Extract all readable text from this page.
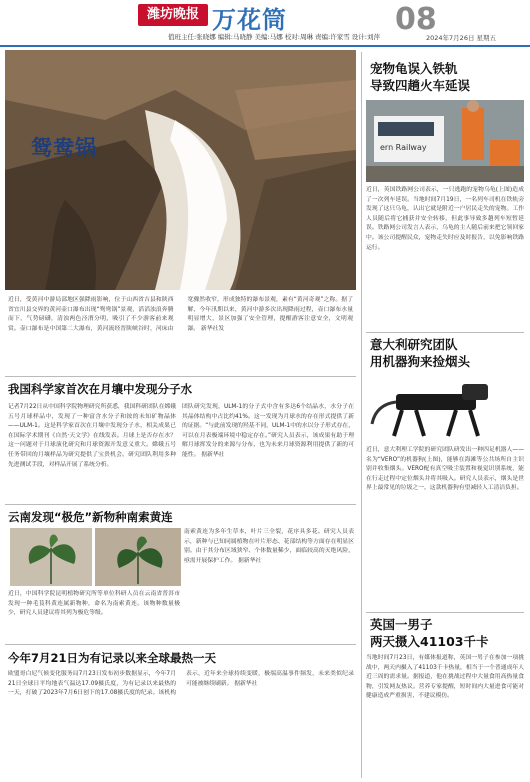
潍坊晚报 万花筒
值班主任:张晓娜 编辑:马晓静 美编:马娜 校对:周琳 责编:许家雪 设计:刘萍 08
2024年7月26日 星期五
鸳鸯锅
近日，受黄河中游局部地区强降雨影响，位于山西省吉县和陕西省宜川县交界的黄河壶口瀑布出现“鸳鸯锅”景观，滔滔浊浪奔腾而下，气势磅礴，清浊两色泾渭分明，吸引了不少游客前来观赏。壶口瀑布是中国第二大瀑布，黄河流经晋陕峡谷时，河床由宽骤然收窄，形成独特的瀑布景观，素有“黄河奇观”之称。据了解，今年汛期以来，黄河中游多次出现降雨过程，壶口瀑布水量明显增大，景区加强了安全管理，提醒游客注意安全，文明观瀑。 新华社发
我国科学家首次在月壤中发现分子水
记者7月22日从中国科学院物理研究所获悉，我国科研团队在嫦娥五号月球样品中，发现了一种富含水分子和铵的未知矿物晶体——ULM-1。这是科学家首次在月壤中发现分子水，相关成果已在国际学术期刊《自然·天文学》在线发表。月球上是否存在水？这一问题对于月球演化研究和月球资源开发意义重大。嫦娥五号任务带回的月壤样品为研究提供了宝贵机会。研究团队利用多种先进测试手段，对样品开展了系统分析。
团队研究发现，ULM-1的分子式中含有多达6个结晶水，水分子在其晶体结构中占比约41%。这一发现为月球水的存在形式提供了新的证据。“与此前发现的羟基不同，ULM-1中的水以分子形式存在，可以在月表极端环境中稳定存在。”研究人员表示，该成果有助于理解月球挥发分的来源与分布，也为未来月球资源利用提供了新的可能性。 据新华社
云南发现“极危”新物种南索黄连
近日，中国科学院昆明植物研究所等单位科研人员在云南省普洱市发现一种毛茛科黄连属新物种，命名为南索黄连。该物种数量极少，研究人员建议将其列为极危等级。
南索黄连为多年生草本，叶片三全裂，花序具多花。研究人员表示，新种与已知同属植物在叶片形态、花部结构等方面存在明显区别。由于其分布区域狭窄、个体数量稀少，面临较高的灭绝风险，亟需开展保护工作。 据新华社
今年7月21日为有记录以来全球最热一天
欧盟哥白尼气候变化服务局7月23日发布初步数据显示，今年7月21日全球日平均地表气温达17.09摄氏度，为有记录以来最热的一天，打破了2023年7月6日创下的17.08摄氏度的纪录。该机构表示，近年来全球持续变暖，极端高温事件频发，未来类似纪录可能被继续刷新。 据新华社
宠物龟误入铁轨
导致四趟火车延误
ern Railway
近日，英国铁路网公司表示，一只逃跑的宠物乌龟(上图)造成了一次列车延误。当地时间7月19日，一名列车司机在铁轨旁发现了这只乌龟，认出它就是附近一户居民走失的宠物。工作人员随后将它捕获并安全转移，但此事导致多趟列车短暂延误。铁路网公司发言人表示，乌龟的主人随后前来把它领回家中。该公司提醒民众，宠物走失时应及时报告，以免影响铁路运行。
意大利研究团队
用机器狗来捡烟头
近日，意大利理工学院的研究团队研发出一种四足机器人——名为“VERO”的机器狗(上图)，能够在海滩等公共场所自主识别并收集烟头。VERO配有真空吸尘装置和视觉识别系统，能在行走过程中定位烟头并将其吸入。研究人员表示，烟头是世界上最常见的垃圾之一，这款机器狗有望减轻人工清洁负担。
英国一男子
两天摄入41103千卡
当地时间7月23日，有媒体报道称，英国一男子在参加一项挑战中，两天内摄入了41103千卡热量，相当于一个普通成年人近三周的需求量。据报道，他在挑战过程中大量食用高热量食物，引发网友热议。营养专家提醒，短时间内大量进食可能对健康造成严重损害，不建议模仿。
